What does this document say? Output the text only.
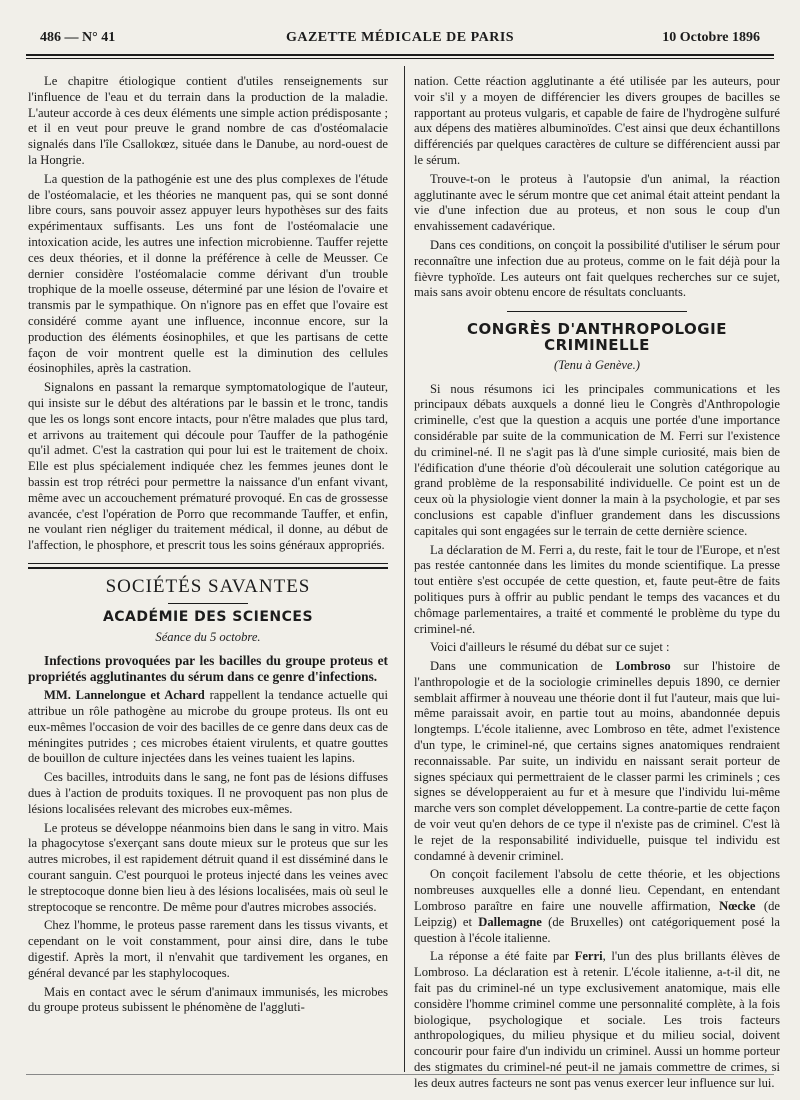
486 — N° 41	GAZETTE MÉDICALE DE PARIS	10 Octobre 1896

Le chapitre étiologique contient d'utiles renseignements sur l'influence de l'eau et du terrain dans la production de la maladie. L'auteur accorde à ces deux éléments une simple action prédisposante ; et il en veut pour preuve le grand nombre de cas d'ostéomalacie signalés dans l'île Csallokœz, située dans le Danube, au nord-ouest de la Hongrie.

La question de la pathogénie est une des plus complexes de l'étude de l'ostéomalacie, et les théories ne manquent pas, qui se sont donné libre cours, sans pouvoir assez appuyer leurs hypothèses sur des faits expérimentaux suffisants. Les uns font de l'ostéomalacie une intoxication acide, les autres une infection microbienne. Tauffer rejette ces deux théories, et il donne la préférence à celle de Meusser. Ce dernier considère l'ostéomalacie comme dérivant d'un trouble trophique de la moelle osseuse, déterminé par une lésion de l'ovaire et transmis par le sympathique. On n'ignore pas en effet que l'ovaire est considéré comme ayant une influence, inconnue encore, sur la production des éléments éosinophiles, et que les partisans de cette façon de voir montrent quelle est la diminution des cellules éosinophiles, après la castration.

Signalons en passant la remarque symptomatologique de l'auteur, qui insiste sur le début des altérations par le bassin et le tronc, tandis que les os longs sont encore intacts, pour n'être malades que plus tard, et arrivons au traitement qui découle pour Tauffer de la pathogénie qu'il admet. C'est la castration qui pour lui est le traitement de choix. Elle est plus spécialement indiquée chez les femmes jeunes dont le bassin est trop rétréci pour permettre la naissance d'un enfant vivant, même avec un accouchement prématuré provoqué. En cas de grossesse avancée, c'est l'opération de Porro que recommande Tauffer, et enfin, ne voulant rien négliger du traitement médical, il donne, au début de l'affection, le phosphore, et prescrit tous les soins généraux appropriés.

SOCIÉTÉS SAVANTES
ACADÉMIE DES SCIENCES
Séance du 5 octobre.

Infections provoquées par les bacilles du groupe proteus et propriétés agglutinantes du sérum dans ce genre d'infections.

MM. Lannelongue et Achard rappellent la tendance actuelle qui attribue un rôle pathogène au microbe du groupe proteus. Ils ont eu eux-mêmes l'occasion de voir des bacilles de ce genre dans deux cas de méningites putrides ; ces microbes étaient virulents, et quatre gouttes de bouillon de culture injectées dans les veines tuaient les lapins.

Ces bacilles, introduits dans le sang, ne font pas de lésions diffuses dues à l'action de produits toxiques. Il ne provoquent pas non plus de lésions localisées relevant des microbes eux-mêmes.

Le proteus se développe néanmoins bien dans le sang in vitro. Mais la phagocytose s'exerçant sans doute mieux sur le proteus que sur les autres microbes, il est rapidement détruit quand il est disséminé dans le courant sanguin. C'est pourquoi le proteus injecté dans les veines avec le streptocoque donne bien lieu à des lésions localisées, mais où seul le streptocoque se rencontre. De même pour d'autres microbes associés.

Chez l'homme, le proteus passe rarement dans les tissus vivants, et cependant on le voit constamment, pour ainsi dire, dans le tube digestif. Après la mort, il n'envahit que tardivement les organes, en général devancé par les staphylocoques.

Mais en contact avec le sérum d'animaux immunisés, les microbes du groupe proteus subissent le phénomène de l'aggluti-

nation. Cette réaction agglutinante a été utilisée par les auteurs, pour voir s'il y a moyen de différencier les divers groupes de bacilles se rapportant au proteus vulgaris, et capable de faire de l'hydrogène sulfuré aux dépens des matières albuminoïdes. C'est ainsi que deux échantillons différenciés par quelques caractères de culture se différencient aussi par le sérum.

Trouve-t-on le proteus à l'autopsie d'un animal, la réaction agglutinante avec le sérum montre que cet animal était atteint pendant la vie d'une infection due au proteus, et non sous le coup d'un envahissement cadavérique.

Dans ces conditions, on conçoit la possibilité d'utiliser le sérum pour reconnaître une infection due au proteus, comme on le fait déjà pour la fièvre typhoïde. Les auteurs ont fait quelques recherches sur ce sujet, mais sans avoir obtenu encore de résultats concluants.

CONGRÈS D'ANTHROPOLOGIE CRIMINELLE
(Tenu à Genève.)

Si nous résumons ici les principales communications et les principaux débats auxquels a donné lieu le Congrès d'Anthropologie criminelle, c'est que la question a acquis une portée d'une importance considérable par suite de la communication de M. Ferri sur l'existence du criminel-né. Il ne s'agit pas là d'une simple curiosité, mais bien de l'édification d'une théorie d'où découlerait une solution catégorique au grand problème de la responsabilité individuelle. Ce point est un de ceux où la physiologie vient donner la main à la psychologie, et par ses conclusions est capable d'influer grandement dans les discussions capitales qui sont engagées sur le terrain de cette dernière science.

La déclaration de M. Ferri a, du reste, fait le tour de l'Europe, et n'est pas restée cantonnée dans les limites du monde scientifique. La presse tout entière s'est occupée de cette question, et, faute peut-être de faits politiques purs à offrir au public pendant le temps des vacances et du chômage parlementaires, a traité et commenté le problème du type du criminel-né.

Voici d'ailleurs le résumé du débat sur ce sujet :

Dans une communication de Lombroso sur l'histoire de l'anthropologie et de la sociologie criminelles depuis 1890, ce dernier semblait affirmer à nouveau une théorie dont il fut l'auteur, mais que lui-même paraissait avoir, en partie tout au moins, abandonnée depuis longtemps. L'école italienne, avec Lombroso en tête, admet l'existence d'un type, le criminel-né, que certains signes anatomiques rendraient reconnaissable. Par suite, un individu en naissant serait porteur de signes spéciaux qui permettraient de le classer parmi les criminels ; ces signes se développeraient au fur et à mesure que l'individu lui-même marche vers son complet développement. La contre-partie de cette façon de voir veut qu'en dehors de ce type il n'existe pas de criminel. C'est là le rejet de la responsabilité individuelle, puisque tel individu est condamné à devenir criminel.

On conçoit facilement l'absolu de cette théorie, et les objections nombreuses auxquelles elle a donné lieu. Cependant, en entendant Lombroso paraître en faire une nouvelle affirmation, Nœcke (de Leipzig) et Dallemagne (de Bruxelles) ont catégoriquement posé la question à l'école italienne.

La réponse a été faite par Ferri, l'un des plus brillants élèves de Lombroso. La déclaration est à retenir. L'école italienne, a-t-il dit, ne fait pas du criminel-né un type exclusivement anatomique, mais elle considère l'homme criminel comme une personnalité complète, à la fois biologique, psychologique et sociale. Les trois facteurs anthropologiques, du milieu physique et du milieu social, doivent concourir pour faire d'un individu un criminel. Aussi un homme porteur des stigmates du criminel-né peut-il ne jamais commettre de crimes, si les deux autres facteurs ne sont pas venus exercer leur influence sur lui.
